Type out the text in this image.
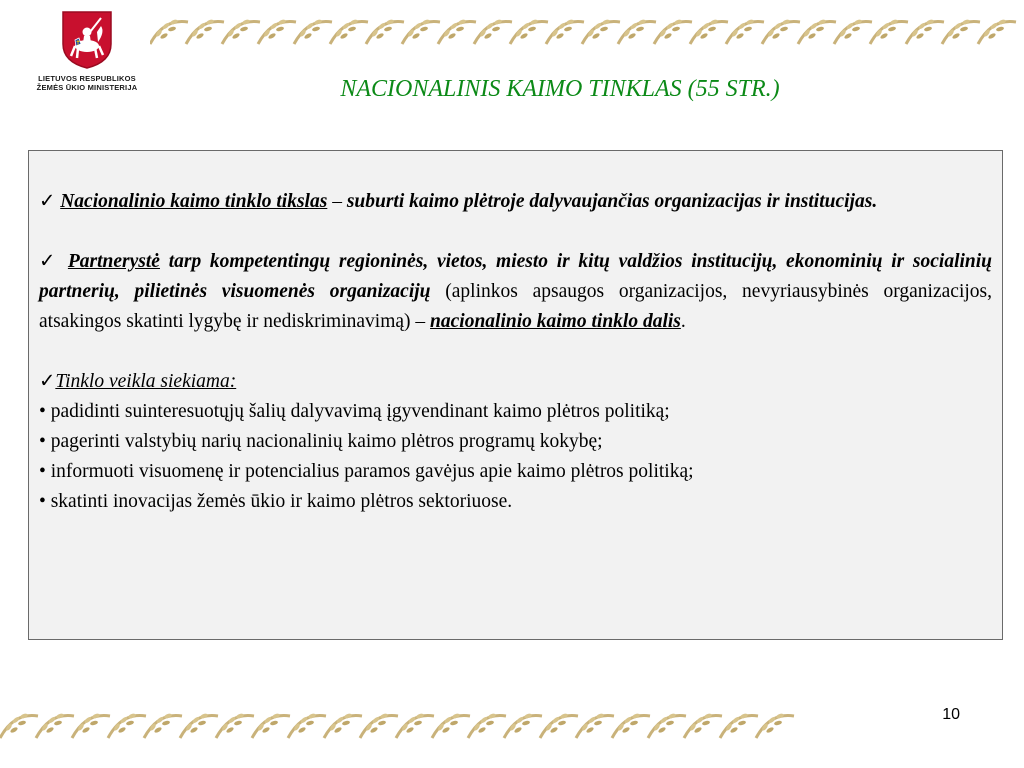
LIETUVOS RESPUBLIKOS
ŽEMĖS ŪKIO MINISTERIJA	NACIONALINIS KAIMO TINKLAS (55 STR.)

✓ Nacionalinio kaimo tinklo tikslas – suburti kaimo plėtroje dalyvaujančias organizacijas ir institucijas.

✓ Partnerystė tarp kompetentingų regioninės, vietos, miesto ir kitų valdžios institucijų, ekonominių ir socialinių partnerių, pilietinės visuomenės organizacijų (aplinkos apsaugos organizacijos, nevyriausybinės organizacijos, atsakingos skatinti lygybę ir nediskriminavimą) – nacionalinio kaimo tinklo dalis.

✓Tinklo veikla siekiama:

• padidinti suinteresuotųjų šalių dalyvavimą įgyvendinant kaimo plėtros politiką;
• pagerinti valstybių narių nacionalinių kaimo plėtros programų kokybę;
• informuoti visuomenę ir potencialius paramos gavėjus apie kaimo plėtros politiką;
• skatinti inovacijas žemės ūkio ir kaimo plėtros sektoriuose.
10
